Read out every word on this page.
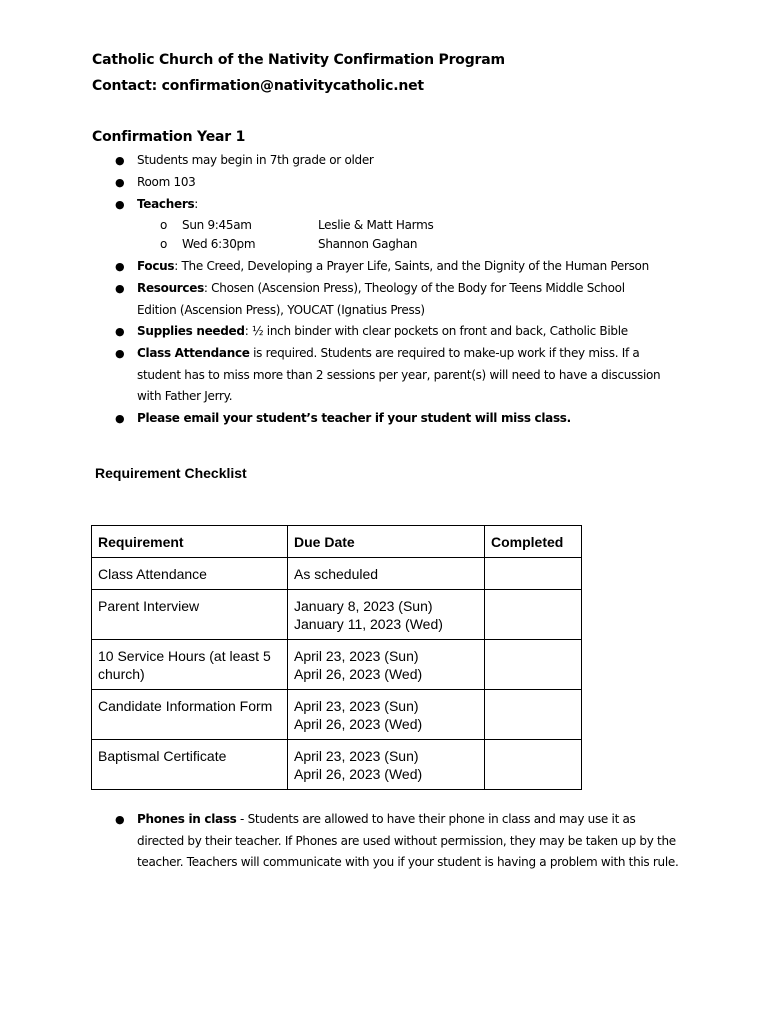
Catholic Church of the Nativity Confirmation Program
Contact: confirmation@nativitycatholic.net
Confirmation Year 1
● Students may begin in 7th grade or older
● Room 103
● Teachers:
o Sun 9:45am	Leslie & Matt Harms
o Wed 6:30pm	Shannon Gaghan
● Focus: The Creed, Developing a Prayer Life, Saints, and the Dignity of the Human Person
● Resources: Chosen (Ascension Press), Theology of the Body for Teens Middle School Edition (Ascension Press), YOUCAT (Ignatius Press)
● Supplies needed: ½ inch binder with clear pockets on front and back, Catholic Bible
● Class Attendance is required. Students are required to make-up work if they miss. If a student has to miss more than 2 sessions per year, parent(s) will need to have a discussion with Father Jerry.
● Please email your student’s teacher if your student will miss class.
Requirement Checklist
Requirement	Due Date	Completed
Class Attendance	As scheduled	

Parent Interview	January 8, 2023 (Sun)
January 11, 2023 (Wed)	

10 Service Hours (at least 5 church)	April 23, 2023 (Sun)
April 26, 2023 (Wed)	

Candidate Information Form	April 23, 2023 (Sun)
April 26, 2023 (Wed)	

Baptismal Certificate	April 23, 2023 (Sun)
April 26, 2023 (Wed)	

● Phones in class - Students are allowed to have their phone in class and may use it as directed by their teacher. If Phones are used without permission, they may be taken up by the teacher. Teachers will communicate with you if your student is having a problem with this rule.
